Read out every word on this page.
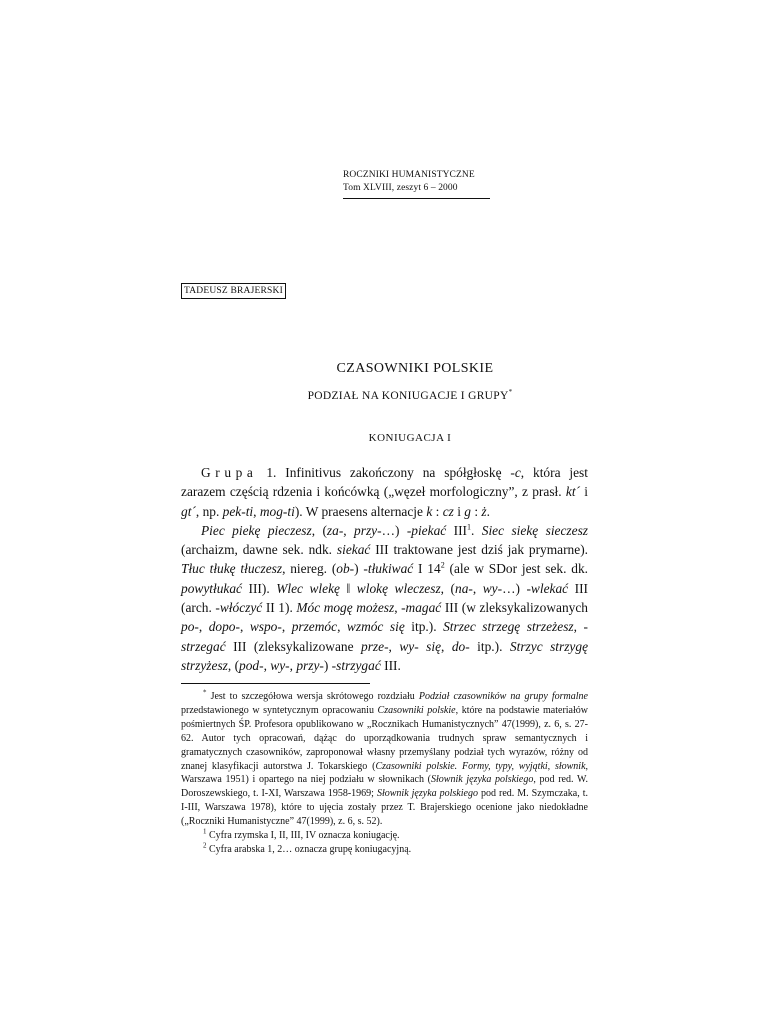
ROCZNIKI HUMANISTYCZNE
Tom XLVIII, zeszyt 6 – 2000
TADEUSZ BRAJERSKI
CZASOWNIKI POLSKIE
PODZIAŁ NA KONIUGACJE I GRUPY*
KONIUGACJA I

Grupa 1. Infinitivus zakończony na spółgłoskę -c, która jest zarazem częścią rdzenia i końcówką („węzeł morfologiczny”, z prasł. kt´ i gt´, np. pek-ti, mog-ti). W praesens alternacje k : cz i g : ż.

Piec piekę pieczesz, (za-, przy-…) -piekać III$^1$. Siec siekę sieczesz (archaizm, dawne sek. ndk. siekać III traktowane jest dziś jak prymarne). Tłuc tłukę tłuczesz, niereg. (ob-) -tłukiwać I $14^2$ (ale w SDor jest sek. dk. powytłukać III). Wlec wlekę ‖ wlokę wleczesz, (na-, wy-…) -wlekać III (arch. -włóczyć II 1). Móc mogę możesz, -magać III (w zleksykalizowanych po-, dopo-, wspo-, przemóc, wzmóc się itp.). Strzec strzegę strzeżesz, -strzegać III (zleksykalizowane prze-, wy- się, do- itp.). Strzyc strzygę strzyżesz, (pod-, wy-, przy-) -strzygać III.

* Jest to szczegółowa wersja skrótowego rozdziału Podział czasowników na grupy formalne przedstawionego w syntetycznym opracowaniu Czasowniki polskie, które na podstawie materiałów pośmiertnych ŚP. Profesora opublikowano w „Rocznikach Humanistycznych” 47(1999), z. 6, s. 27-62. Autor tych opracowań, dążąc do uporządkowania trudnych spraw semantycznych i gramatycznych czasowników, zaproponował własny przemyślany podział tych wyrazów, różny od znanej klasyfikacji autorstwa J. Tokarskiego (Czasowniki polskie. Formy, typy, wyjątki, słownik, Warszawa 1951) i opartego na niej podziału w słownikach (Słownik języka polskiego, pod red. W. Doroszewskiego, t. I-XI, Warszawa 1958-1969; Słownik języka polskiego pod red. M. Szymczaka, t. I-III, Warszawa 1978), które to ujęcia zostały przez T. Brajerskiego ocenione jako niedokładne („Roczniki Humanistyczne” 47(1999), z. 6, s. 52).

$^1$ Cyfra rzymska I, II, III, IV oznacza koniugację.

$^2$ Cyfra arabska 1, 2… oznacza grupę koniugacyjną.
